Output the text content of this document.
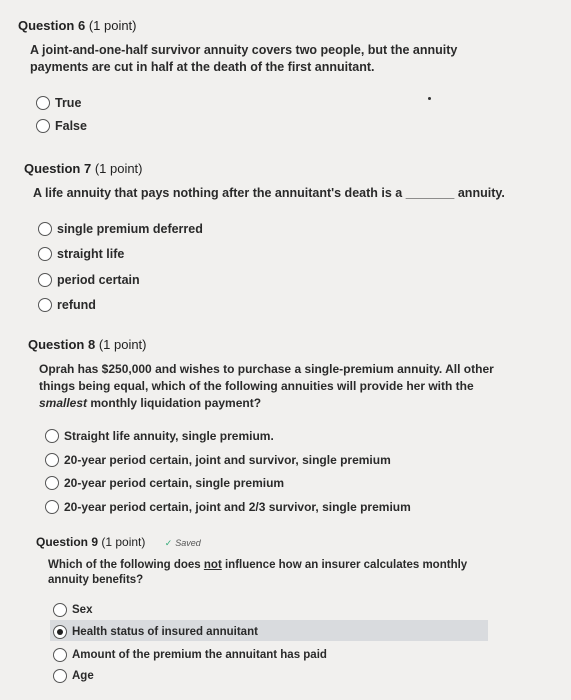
Question 6 (1 point)
A joint-and-one-half survivor annuity covers two people, but the annuity payments are cut in half at the death of the first annuitant.
True
False
Question 7 (1 point)
A life annuity that pays nothing after the annuitant's death is a _______ annuity.
single premium deferred
straight life
period certain
refund
Question 8 (1 point)
Oprah has $250,000 and wishes to purchase a single-premium annuity. All other things being equal, which of the following annuities will provide her with the smallest monthly liquidation payment?
Straight life annuity, single premium.
20-year period certain, joint and survivor, single premium
20-year period certain, single premium
20-year period certain, joint and 2/3 survivor, single premium
Question 9 (1 point) ✓ Saved
Which of the following does not influence how an insurer calculates monthly annuity benefits?
Sex
Health status of insured annuitant
Amount of the premium the annuitant has paid
Age
